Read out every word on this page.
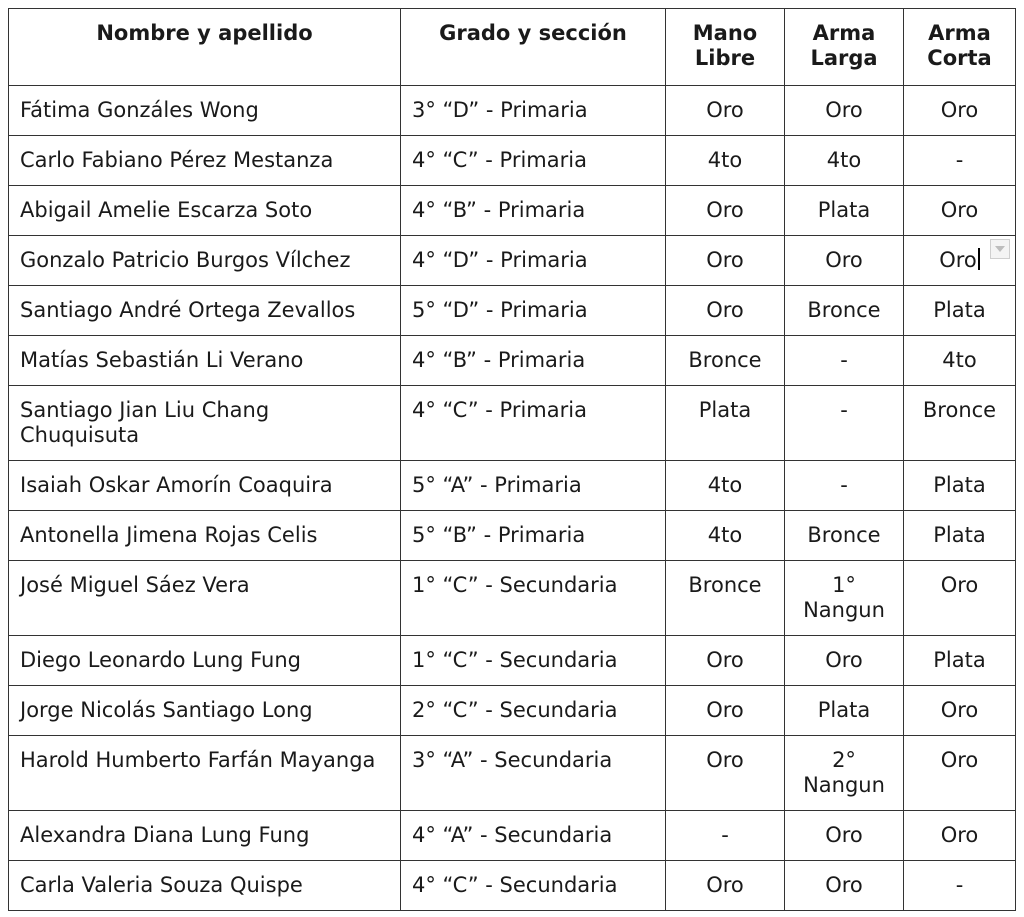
Nombre y apellido	Grado y sección	Mano Libre	Arma Larga	Arma Corta
Fátima Gonzáles Wong	3° “D” - Primaria	Oro	Oro	Oro
Carlo Fabiano Pérez Mestanza	4° “C” - Primaria	4to	4to	-
Abigail Amelie Escarza Soto	4° “B” - Primaria	Oro	Plata	Oro
Gonzalo Patricio Burgos Vílchez	4° “D” - Primaria	Oro	Oro	Oro
Santiago André Ortega Zevallos	5° “D” - Primaria	Oro	Bronce	Plata
Matías Sebastián Li Verano	4° “B” - Primaria	Bronce	-	4to
Santiago Jian Liu Chang Chuquisuta	4° “C” - Primaria	Plata	-	Bronce
Isaiah Oskar Amorín Coaquira	5° “A” - Primaria	4to	-	Plata
Antonella Jimena Rojas Celis	5° “B” - Primaria	4to	Bronce	Plata
José Miguel Sáez Vera	1° “C” - Secundaria	Bronce	1° Nangun	Oro
Diego Leonardo Lung Fung	1° “C” - Secundaria	Oro	Oro	Plata
Jorge Nicolás Santiago Long	2° “C” - Secundaria	Oro	Plata	Oro
Harold Humberto Farfán Mayanga	3° “A” - Secundaria	Oro	2° Nangun	Oro
Alexandra Diana Lung Fung	4° “A” - Secundaria	-	Oro	Oro
Carla Valeria Souza Quispe	4° “C” - Secundaria	Oro	Oro	-
